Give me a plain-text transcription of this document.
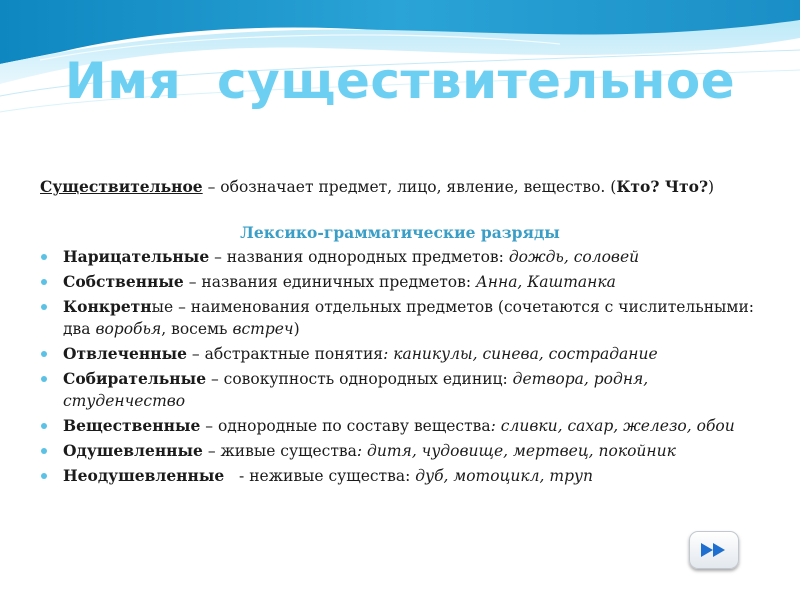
Имя  существительное
Существительное – обозначает предмет, лицо, явление, вещество. (Кто? Что?)
Лексико-грамматические разряды
Нарицательные – названия однородных предметов: дождь, соловей
Собственные – названия единичных предметов: Анна, Каштанка
Конкретные – наименования отдельных предметов (сочетаются с числительными: два воробья, восемь встреч)
Отвлеченные – абстрактные понятия: каникулы, синева, сострадание
Собирательные – совокупность однородных единиц: детвора, родня, студенчество
Вещественные – однородные по составу вещества: сливки, сахар, железо, обои
Одушевленные – живые существа: дитя, чудовище, мертвец, покойник
Неодушевленные   - неживые существа: дуб, мотоцикл, труп
